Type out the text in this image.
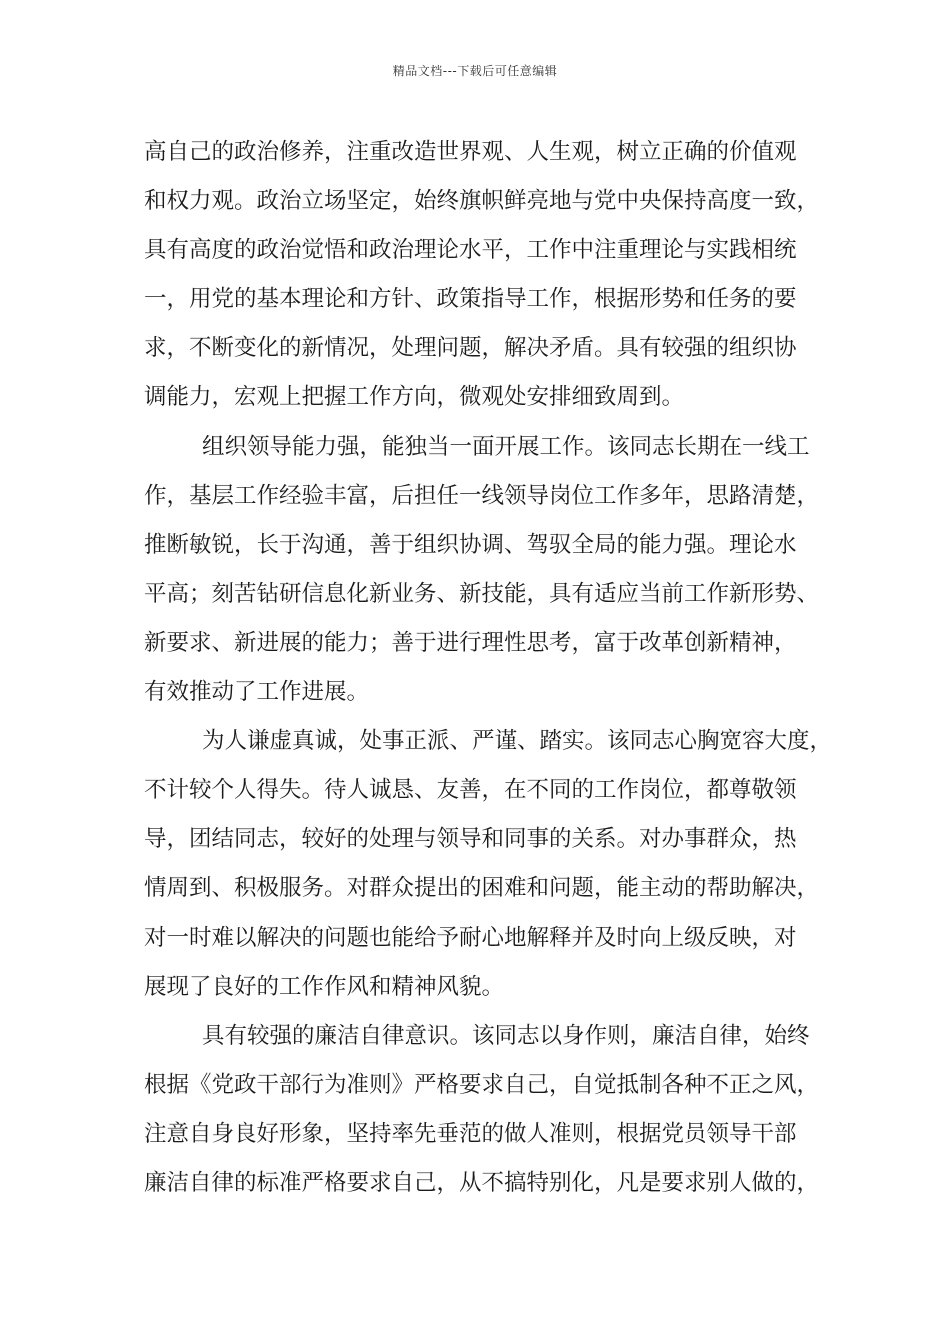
精品文档---下载后可任意编辑
高自己的政治修养，注重改造世界观、人生观，树立正确的价值观
和权力观。政治立场坚定，始终旗帜鲜亮地与党中央保持高度一致，
具有高度的政治觉悟和政治理论水平，工作中注重理论与实践相统
一，用党的基本理论和方针、政策指导工作，根据形势和任务的要
求，不断变化的新情况，处理问题，解决矛盾。具有较强的组织协
调能力，宏观上把握工作方向，微观处安排细致周到。
组织领导能力强，能独当一面开展工作。该同志长期在一线工
作，基层工作经验丰富，后担任一线领导岗位工作多年，思路清楚，
推断敏锐，长于沟通，善于组织协调、驾驭全局的能力强。理论水
平高；刻苦钻研信息化新业务、新技能，具有适应当前工作新形势、
新要求、新进展的能力；善于进行理性思考，富于改革创新精神，
有效推动了工作进展。
为人谦虚真诚，处事正派、严谨、踏实。该同志心胸宽容大度，
不计较个人得失。待人诚恳、友善，在不同的工作岗位，都尊敬领
导，团结同志，较好的处理与领导和同事的关系。对办事群众，热
情周到、积极服务。对群众提出的困难和问题，能主动的帮助解决，
对一时难以解决的问题也能给予耐心地解释并及时向上级反映，对
展现了良好的工作作风和精神风貌。
具有较强的廉洁自律意识。该同志以身作则，廉洁自律，始终
根据《党政干部行为准则》严格要求自己，自觉抵制各种不正之风，
注意自身良好形象，坚持率先垂范的做人准则，根据党员领导干部
廉洁自律的标准严格要求自己，从不搞特别化，凡是要求别人做的，
